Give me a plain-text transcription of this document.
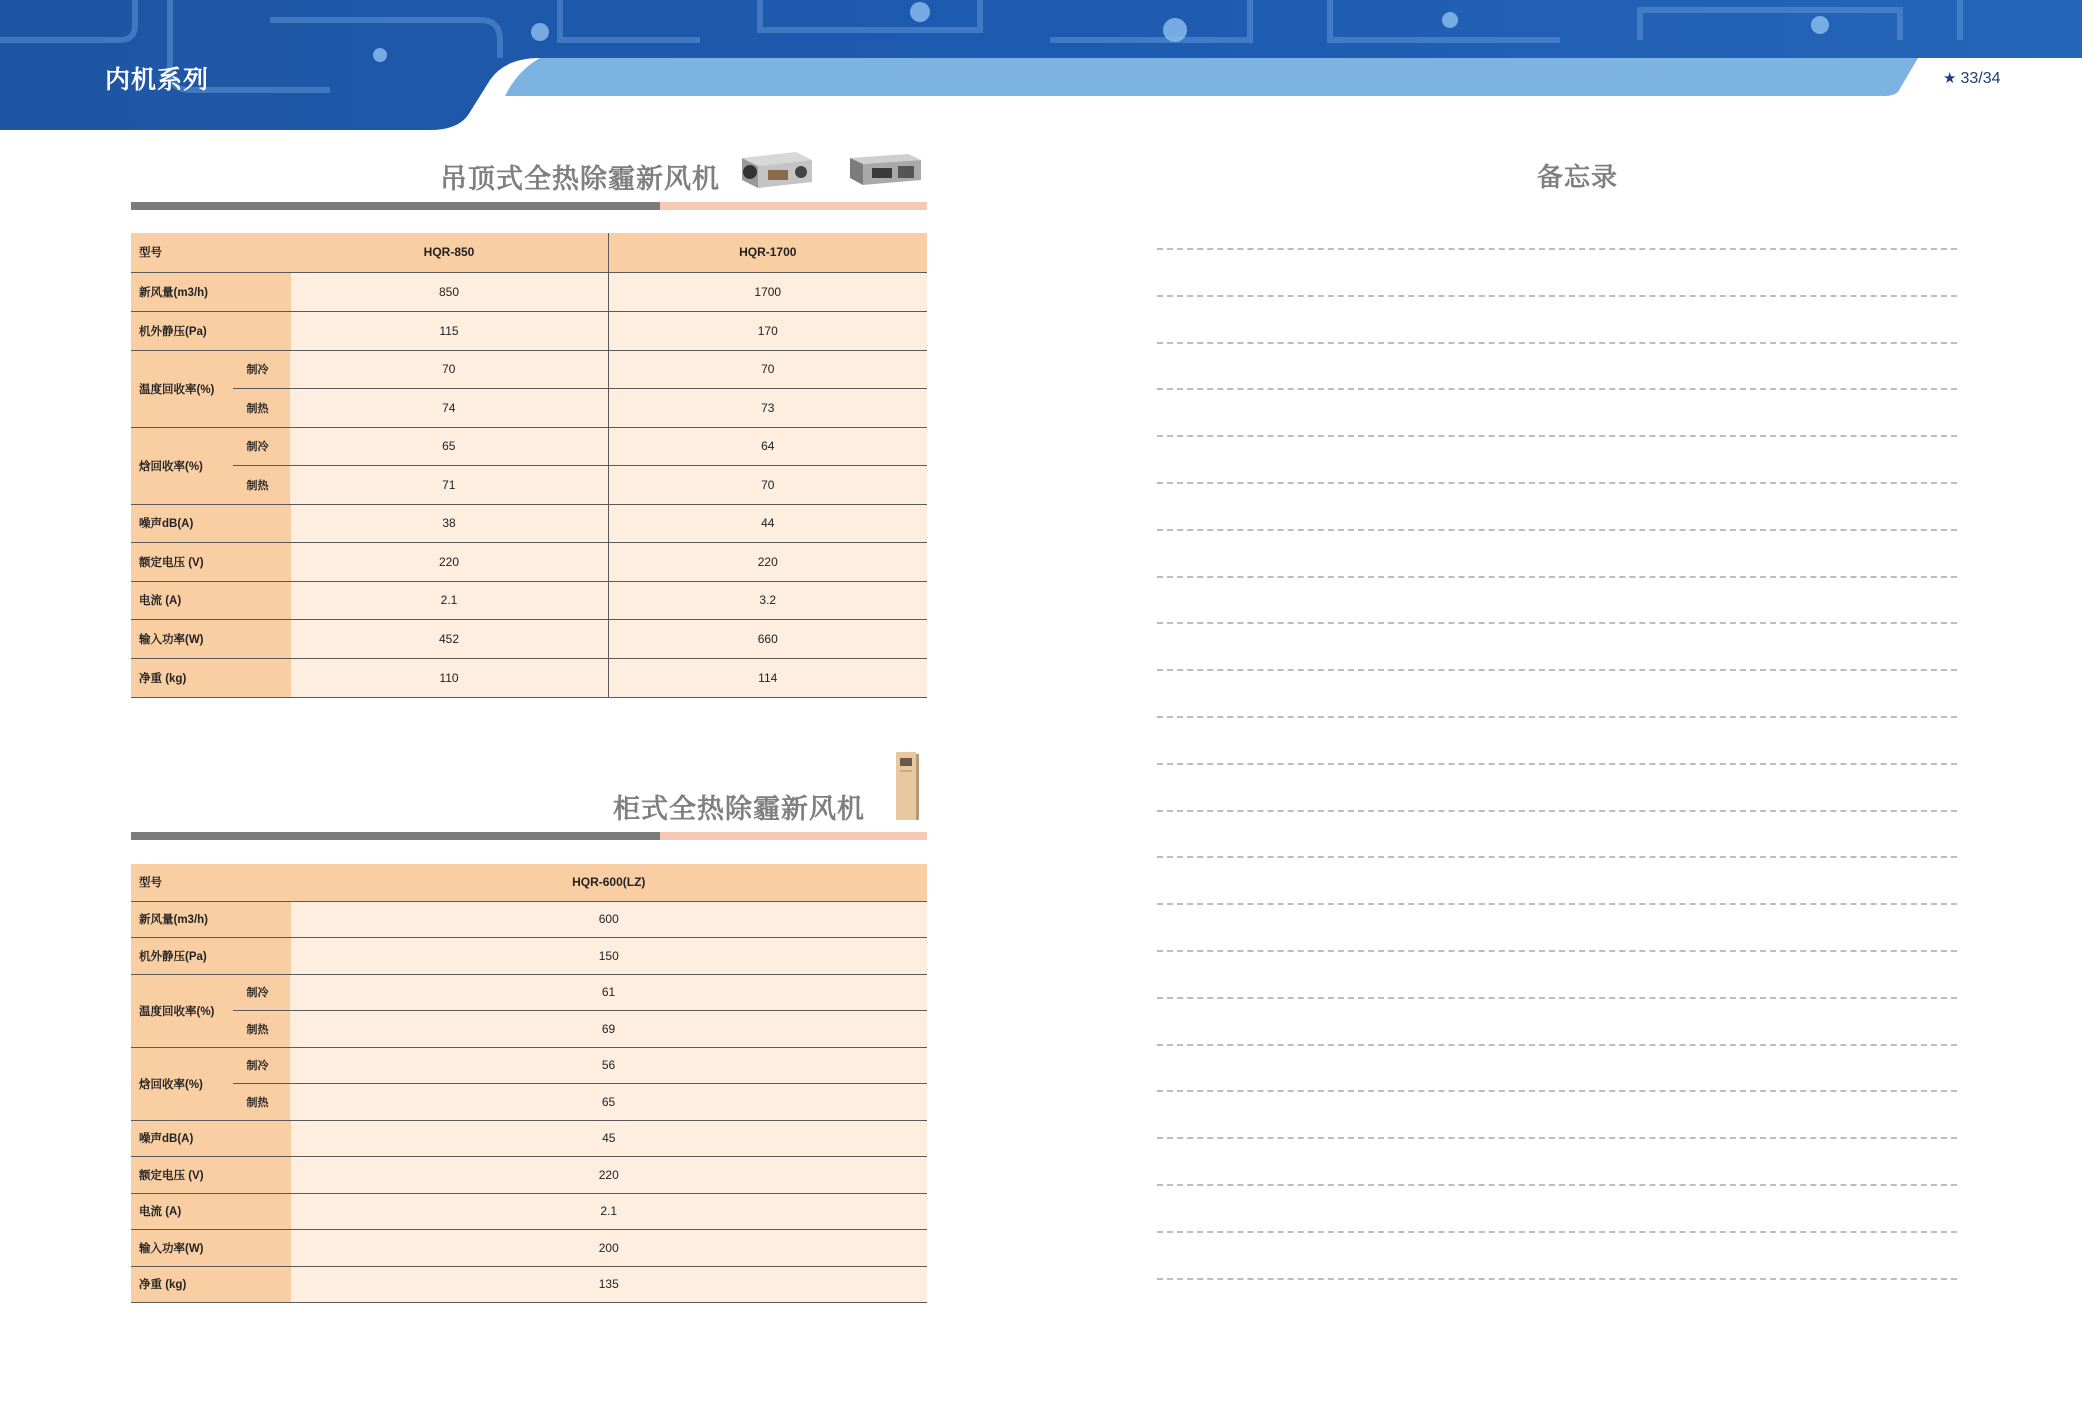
内机系列	★ 33/34
吊顶式全热除霾新风机
型号		HQR-850	HQR-1700
新风量(m3/h)		850	1700
机外静压(Pa)		115	170
温度回收率(%)	制冷	70	70
	制热	74	73
焓回收率(%)	制冷	65	64
	制热	71	70
噪声dB(A)		38	44
额定电压 (V)		220	220
电流 (A)		2.1	3.2
输入功率(W)		452	660
净重 (kg)		110	114
柜式全热除霾新风机
型号		HQR-600(LZ)
新风量(m3/h)		600
机外静压(Pa)		150
温度回收率(%)	制冷	61
	制热	69
焓回收率(%)	制冷	56
	制热	65
噪声dB(A)		45
额定电压 (V)		220
电流 (A)		2.1
输入功率(W)		200
净重 (kg)		135
备忘录
